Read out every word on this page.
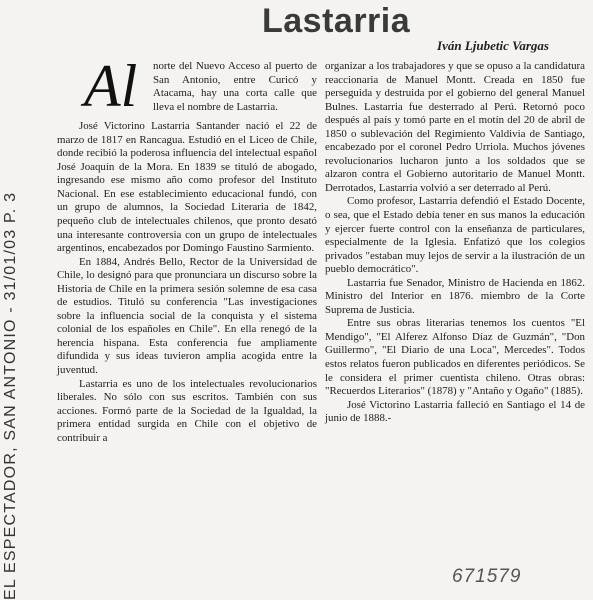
EL ESPECTADOR, SAN ANTONIO - 31/01/03 P. 3
Lastarria
Iván Ljubetic Vargas
Al	norte del Nuevo Acceso al puerto de San Antonio, entre Curicó y Atacama, hay una corta calle que lleva el nombre de Lastarria.

José Victorino Lastarria Santander nació el 22 de marzo de 1817 en Rancagua. Estudió en el Liceo de Chile, donde recibió la poderosa influencia del intelectual español José Joaquín de la Mora. En 1839 se tituló de abogado, ingresando ese mismo año como profesor del Instituto Nacional. En ese establecimiento educacional fundó, con un grupo de alumnos, la Sociedad Literaria de 1842, pequeño club de intelectuales chilenos, que pronto desató una interesante controversia con un grupo de intelectuales argentinos, encabezados por Domingo Faustino Sarmiento.

En 1884, Andrés Bello, Rector de la Universidad de Chile, lo designó para que pronunciara un discurso sobre la Historia de Chile en la primera sesión solemne de esa casa de estudios. Tituló su conferencia "Las investigaciones sobre la influencia social de la conquista y el sistema colonial de los españoles en Chile". En ella renegó de la herencia hispana. Esta conferencia fue ampliamente difundida y sus ideas tuvieron amplia acogida entre la juventud.

Lastarria es uno de los intelectuales revolucionarios liberales. No sólo con sus escritos. También con sus acciones. Formó parte de la Sociedad de la Igualdad, la primera entidad surgida en Chile con el objetivo de contribuir a

organizar a los trabajadores y que se opuso a la candidatura reaccionaria de Manuel Montt. Creada en 1850 fue perseguida y destruida por el gobierno del general Manuel Bulnes. Lastarria fue desterrado al Perú. Retornó poco después al país y tomó parte en el motín del 20 de abril de 1850 o sublevación del Regimiento Valdivia de Santiago, encabezado por el coronel Pedro Urriola. Muchos jóvenes revolucionarios lucharon junto a los soldados que se alzaron contra el Gobierno autoritario de Manuel Montt. Derrotados, Lastarria volvió a ser deterrado al Perú.

Como profesor, Lastarria defendió el Estado Docente, o sea, que el Estado debía tener en sus manos la educación y ejercer fuerte control con la enseñanza de particulares, especialmente de la Iglesia. Enfatizó que los colegios privados "estaban muy lejos de servir a la ilustración de un pueblo democrático".

Lastarria fue Senador, Ministro de Hacienda en 1862. Ministro del Interior en 1876. miembro de la Corte Suprema de Justicia.

Entre sus obras literarias tenemos los cuentos "El Mendigo", "El Alferez Alfonso Díaz de Guzmán", "Don Guillermo", "El Diario de una Loca", Mercedes". Todos estos relatos fueron publicados en diferentes periódicos. Se le considera el primer cuentista chileno. Otras obras: "Recuerdos Literarios" (1878) y "Antaño y Ogaño" (1885).

José Victorino Lastarria falleció en Santiago el 14 de junio de 1888.-

671579
